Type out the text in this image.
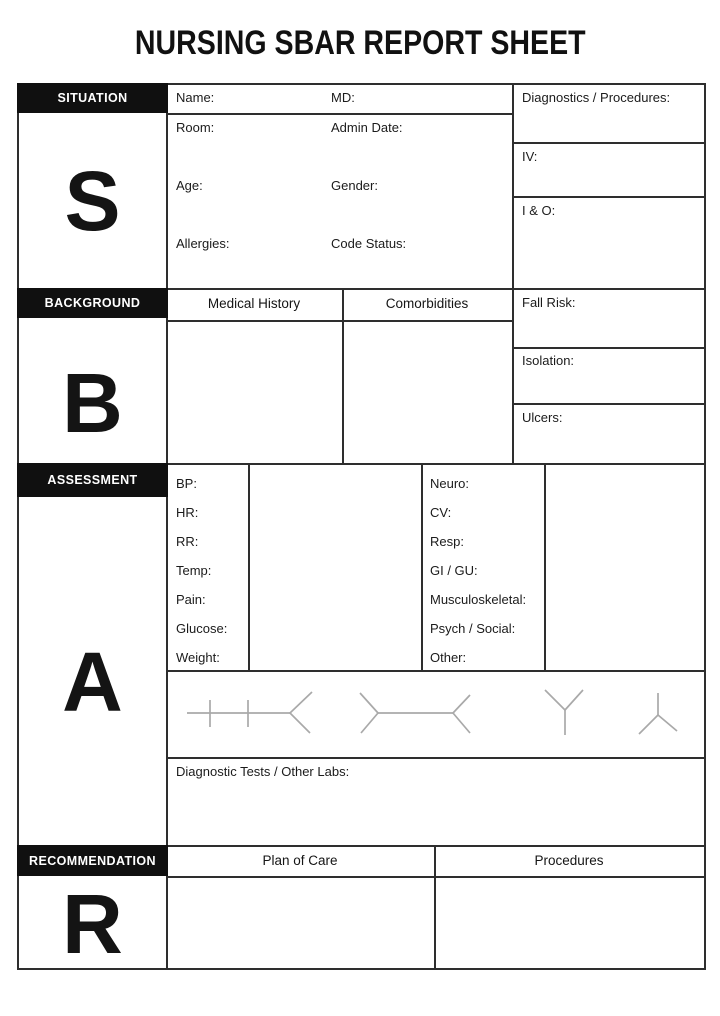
NURSING SBAR REPORT SHEET
SITUATION
BACKGROUND
ASSESSMENT
RECOMMENDATION
S
B
A
R
Name:	MD:
Room:	Admin Date:
Age:	Gender:
Allergies:	Code Status:
Diagnostics / Procedures:
IV:
I & O:
Fall Risk:
Isolation:
Ulcers:
Medical History	Comorbidities
BP:
HR:
RR:
Temp:
Pain:
Glucose:
Weight:
Neuro:
CV:
Resp:
GI / GU:
Musculoskeletal:
Psych / Social:
Other:
Diagnostic Tests / Other Labs:
Plan of Care	Procedures
